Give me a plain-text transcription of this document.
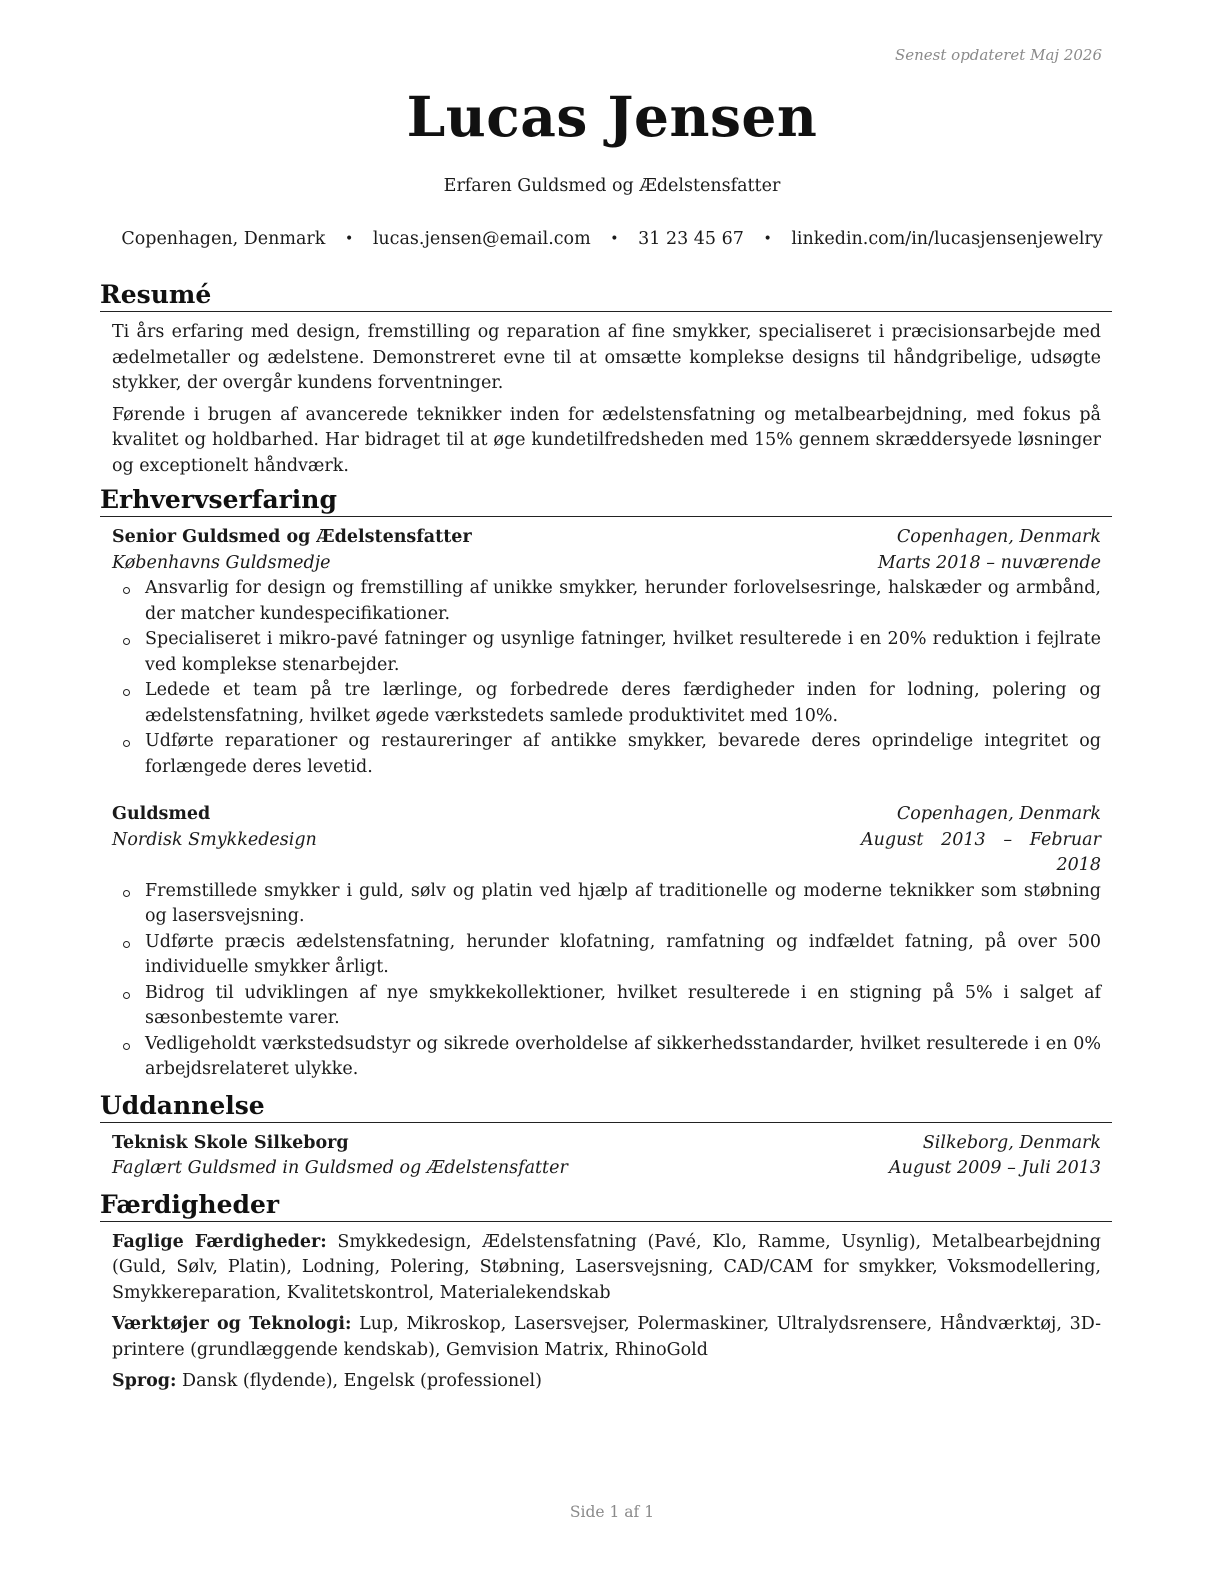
Senest opdateret Maj 2026
Lucas Jensen
Erfaren Guldsmed og Ædelstensfatter
Copenhagen, Denmark • lucas.jensen@email.com • 31 23 45 67 • linkedin.com/in/lucasjensenjewelry
Resumé

Ti års erfaring med design, fremstilling og reparation af fine smykker, specialiseret i præcisionsarbejde med ædelmetaller og ædelstene. Demonstreret evne til at omsætte komplekse designs til håndgribelige, udsøgte stykker, der overgår kundens forventninger.

Førende i brugen af avancerede teknikker inden for ædelstensfatning og metalbearbejdning, med fokus på kvalitet og holdbarhed. Har bidraget til at øge kundetilfredsheden med 15% gennem skræddersyede løsninger og exceptionelt håndværk.

Erhvervserfaring
Senior Guldsmed og Ædelstensfatter	Copenhagen, Denmark
Københavns Guldsmedje	Marts 2018 – nuværende
Ansvarlig for design og fremstilling af unikke smykker, herunder forlovelsesringe, halskæder og armbånd, der matcher kundespecifikationer.
Specialiseret i mikro-pavé fatninger og usynlige fatninger, hvilket resulterede i en 20% reduktion i fejlrate ved komplekse stenarbejder.
Ledede et team på tre lærlinge, og forbedrede deres færdigheder inden for lodning, polering og ædelstensfatning, hvilket øgede værkstedets samlede produktivitet med 10%.
Udførte reparationer og restaureringer af antikke smykker, bevarede deres oprindelige integritet og forlængede deres levetid.
Guldsmed	Copenhagen, Denmark
Nordisk Smykkedesign	August 2013 – Februar 2018
Fremstillede smykker i guld, sølv og platin ved hjælp af traditionelle og moderne teknikker som støbning og lasersvejsning.
Udførte præcis ædelstensfatning, herunder klofatning, ramfatning og indfældet fatning, på over 500 individuelle smykker årligt.
Bidrog til udviklingen af nye smykkekollektioner, hvilket resulterede i en stigning på 5% i salget af sæsonbestemte varer.
Vedligeholdt værkstedsudstyr og sikrede overholdelse af sikkerhedsstandarder, hvilket resulterede i en 0% arbejdsrelateret ulykke.
Uddannelse
Teknisk Skole Silkeborg	Silkeborg, Denmark
Faglært Guldsmed in Guldsmed og Ædelstensfatter	August 2009 – Juli 2013
Færdigheder

Faglige Færdigheder: Smykkedesign, Ædelstensfatning (Pavé, Klo, Ramme, Usynlig), Metalbearbejdning (Guld, Sølv, Platin), Lodning, Polering, Støbning, Lasersvejsning, CAD/CAM for smykker, Voksmodellering, Smykkereparation, Kvalitetskontrol, Materialekendskab

Værktøjer og Teknologi: Lup, Mikroskop, Lasersvejser, Polermaskiner, Ultralydsrensere, Håndværktøj, 3D-printere (grundlæggende kendskab), Gemvision Matrix, RhinoGold

Sprog: Dansk (flydende), Engelsk (professionel)

Side 1 af 1
